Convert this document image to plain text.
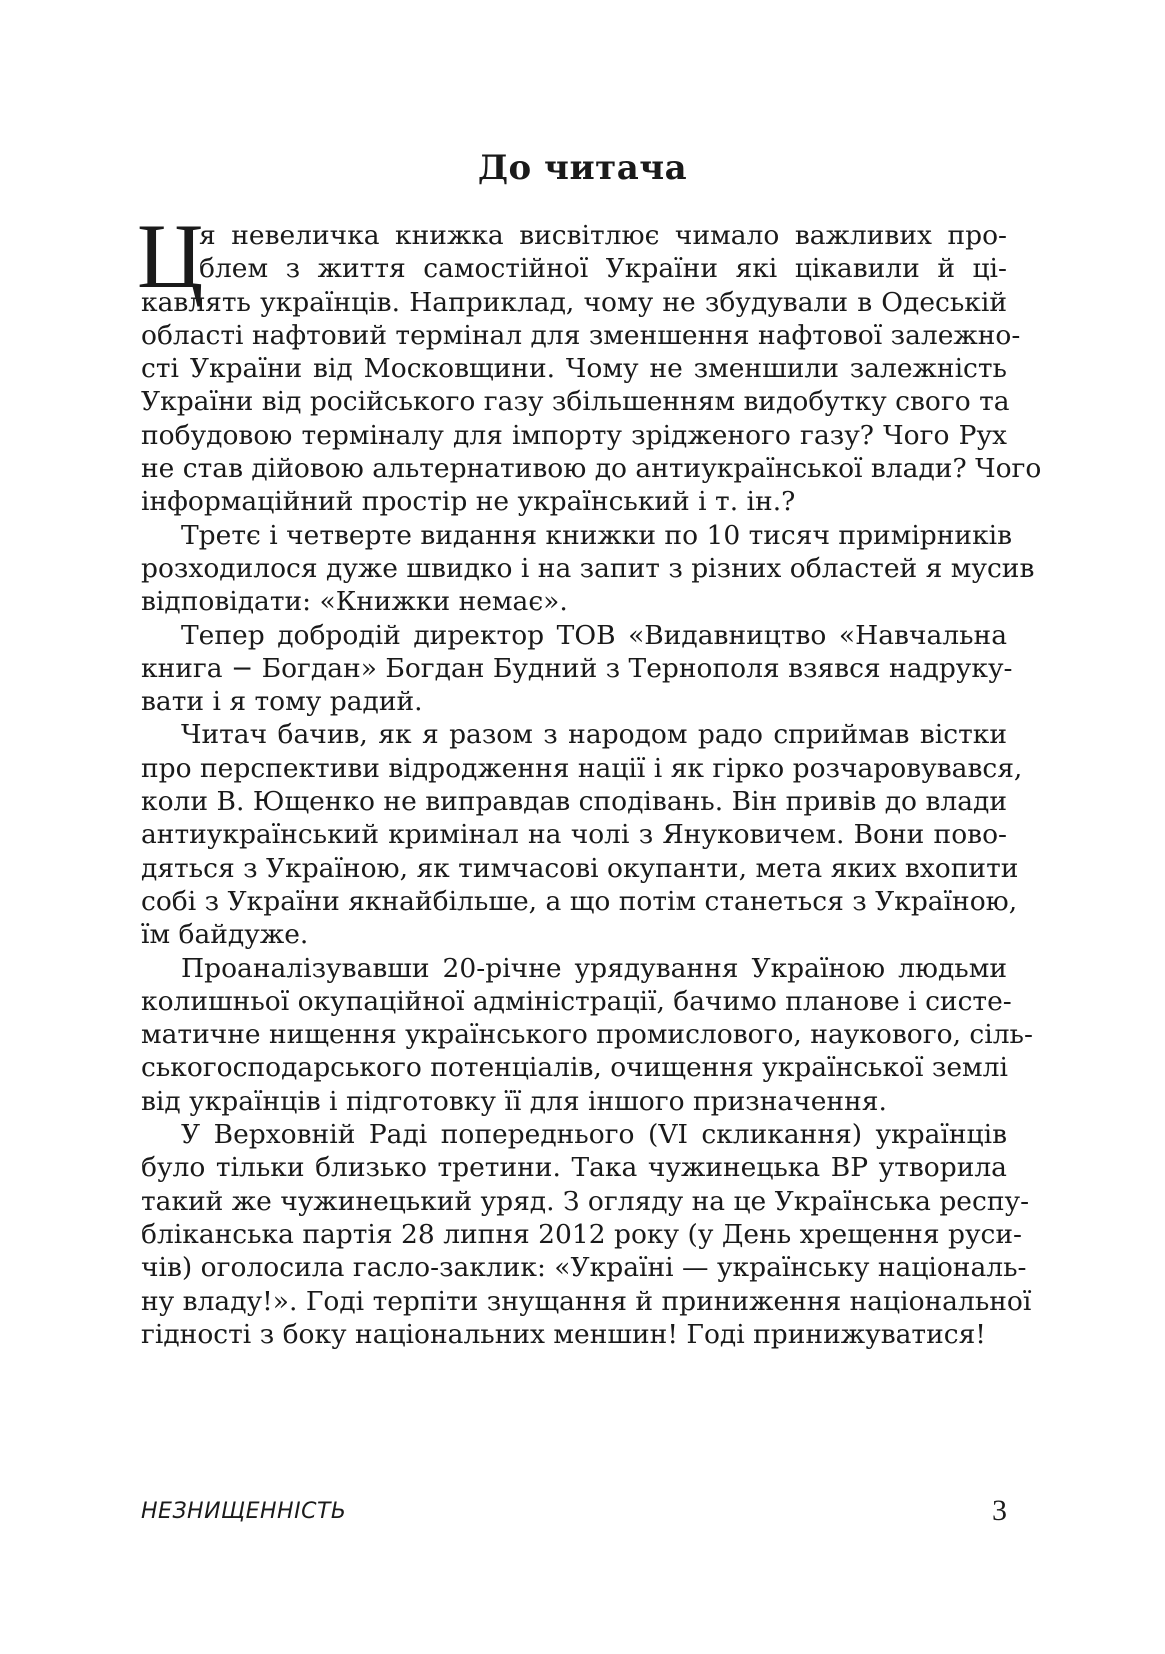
До читача
Ц
я невеличка книжка висвітлює чимало важливих про-
блем з життя самостійної України які цікавили й ці-
кавлять українців. Наприклад, чому не збудували в Одеській
області нафтовий термінал для зменшення нафтової залежно-
сті України від Московщини. Чому не зменшили залежність
України від російського газу збільшенням видобутку свого та
побудовою терміналу для імпорту зрідженого газу? Чого Рух
не став дійовою альтернативою до антиукраїнської влади? Чого
інформаційний простір не український і т. ін.?
Третє і четверте видання книжки по 10 тисяч примірників
розходилося дуже швидко і на запит з різних областей я мусив
відповідати: «Книжки немає».
Тепер добродій директор ТОВ «Видавництво «Навчальна
книга − Богдан» Богдан Будний з Тернополя взявся надруку-
вати і я тому радий.
Читач бачив, як я разом з народом радо сприймав вістки
про перспективи відродження нації і як гірко розчаровувався,
коли В. Ющенко не виправдав сподівань. Він привів до влади
антиукраїнський кримінал на чолі з Януковичем. Вони пово-
дяться з Україною, як тимчасові окупанти, мета яких вхопити
собі з України якнайбільше, а що потім станеться з Україною,
їм байдуже.
Проаналізувавши 20-річне урядування Україною людьми
колишньої окупаційної адміністрації, бачимо планове і систе-
матичне нищення українського промислового, наукового, сіль-
ськогосподарського потенціалів, очищення української землі
від українців і підготовку її для іншого призначення.
У Верховній Раді попереднього (VI скликання) українців
було тільки близько третини. Така чужинецька ВР утворила
такий же чужинецький уряд. З огляду на це Українська респу-
бліканська партія 28 липня 2012 року (у День хрещення руси-
чів) оголосила гасло-заклик: «Україні — українську національ-
ну владу!». Годі терпіти знущання й приниження національної
гідності з боку національних меншин! Годі принижуватися!
НЕЗНИЩЕННІСТЬ	3
